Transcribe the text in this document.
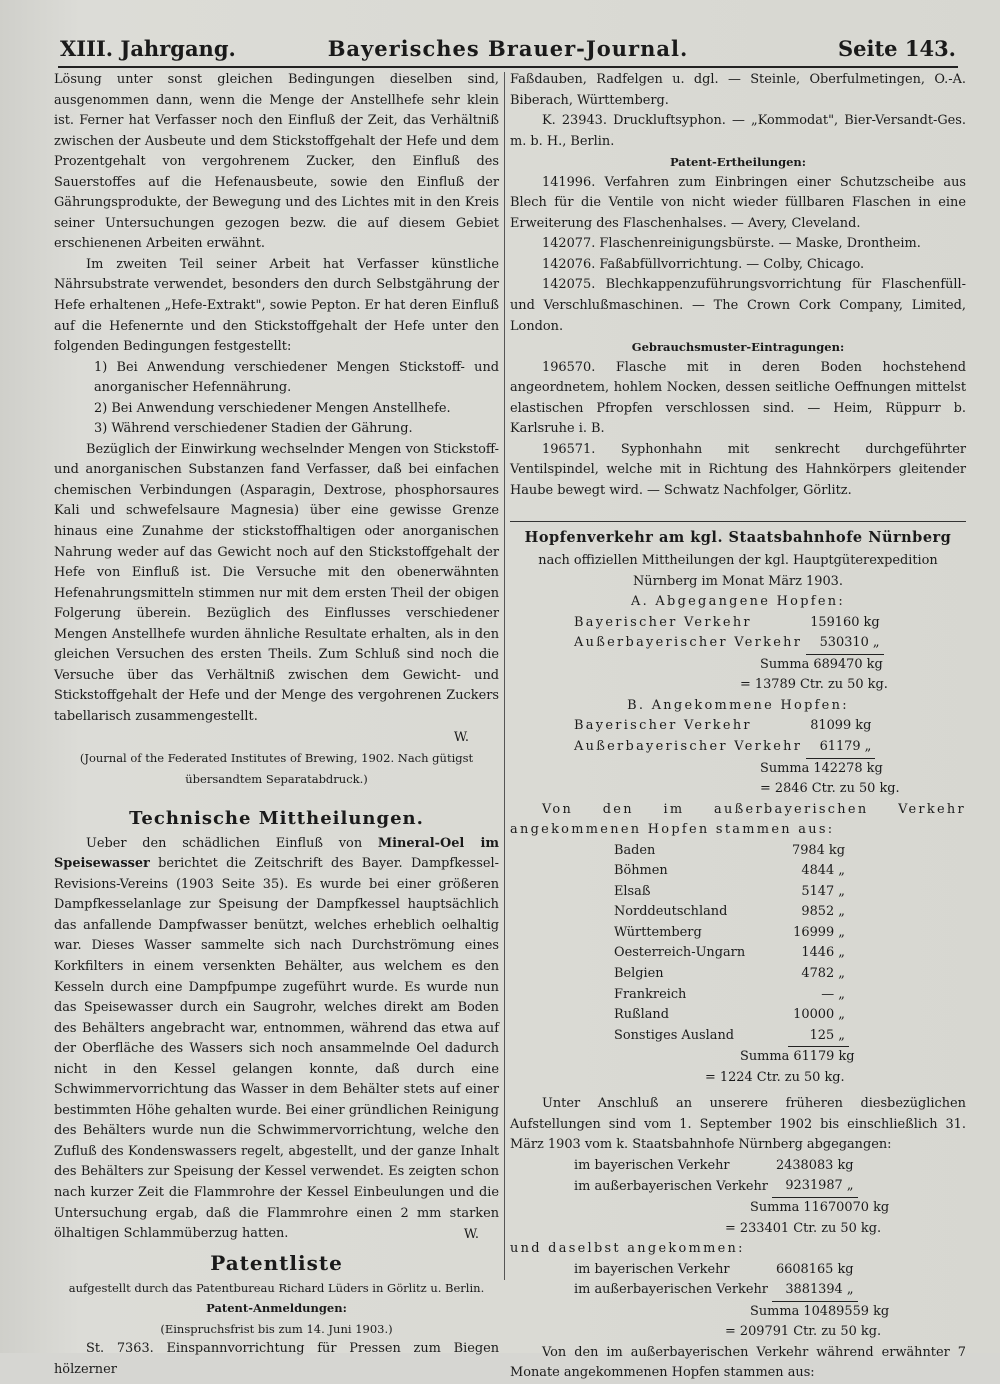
XIII. Jahrgang.	Bayerisches Brauer-Journal.	Seite 143.

Lösung unter sonst gleichen Bedingungen dieselben sind, ausgenommen dann, wenn die Menge der Anstellhefe sehr klein ist. Ferner hat Verfasser noch den Einfluß der Zeit, das Verhältniß zwischen der Ausbeute und dem Stickstoffgehalt der Hefe und dem Prozentgehalt von vergohrenem Zucker, den Einfluß des Sauerstoffes auf die Hefenausbeute, sowie den Einfluß der Gährungsprodukte, der Bewegung und des Lichtes mit in den Kreis seiner Untersuchungen gezogen bezw. die auf diesem Gebiet erschienenen Arbeiten erwähnt.

Im zweiten Teil seiner Arbeit hat Verfasser künstliche Nährsubstrate verwendet, besonders den durch Selbstgährung der Hefe erhaltenen „Hefe-Extrakt", sowie Pepton. Er hat deren Einfluß auf die Hefenernte und den Stickstoffgehalt der Hefe unter den folgenden Bedingungen festgestellt:

1) Bei Anwendung verschiedener Mengen Stickstoff- und anorganischer Hefennährung.

2) Bei Anwendung verschiedener Mengen Anstellhefe.

3) Während verschiedener Stadien der Gährung.

Bezüglich der Einwirkung wechselnder Mengen von Stickstoff- und anorganischen Substanzen fand Verfasser, daß bei einfachen chemischen Verbindungen (Asparagin, Dextrose, phosphorsaures Kali und schwefelsaure Magnesia) über eine gewisse Grenze hinaus eine Zunahme der stickstoffhaltigen oder anorganischen Nahrung weder auf das Gewicht noch auf den Stickstoffgehalt der Hefe von Einfluß ist. Die Versuche mit den obenerwähnten Hefenahrungsmitteln stimmen nur mit dem ersten Theil der obigen Folgerung überein. Bezüglich des Einflusses verschiedener Mengen Anstellhefe wurden ähnliche Resultate erhalten, als in den gleichen Versuchen des ersten Theils. Zum Schluß sind noch die Versuche über das Verhältniß zwischen dem Gewicht- und Stickstoffgehalt der Hefe und der Menge des vergohrenen Zuckers tabellarisch zusammengestellt.

W.

(Journal of the Federated Institutes of Brewing, 1902. Nach gütigst übersandtem Separatabdruck.)

Technische Mittheilungen.

Ueber den schädlichen Einfluß von Mineral-Oel im Speisewasser berichtet die Zeitschrift des Bayer. Dampfkessel-Revisions-Vereins (1903 Seite 35). Es wurde bei einer größeren Dampfkesselanlage zur Speisung der Dampfkessel hauptsächlich das anfallende Dampfwasser benützt, welches erheblich oelhaltig war. Dieses Wasser sammelte sich nach Durchströmung eines Korkfilters in einem versenkten Behälter, aus welchem es den Kesseln durch eine Dampfpumpe zugeführt wurde. Es wurde nun das Speisewasser durch ein Saugrohr, welches direkt am Boden des Behälters angebracht war, entnommen, während das etwa auf der Oberfläche des Wassers sich noch ansammelnde Oel dadurch nicht in den Kessel gelangen konnte, daß durch eine Schwimmervorrichtung das Wasser in dem Behälter stets auf einer bestimmten Höhe gehalten wurde. Bei einer gründlichen Reinigung des Behälters wurde nun die Schwimmervorrichtung, welche den Zufluß des Kondenswassers regelt, abgestellt, und der ganze Inhalt des Behälters zur Speisung der Kessel verwendet. Es zeigten schon nach kurzer Zeit die Flammrohre der Kessel Einbeulungen und die Untersuchung ergab, daß die Flammrohre einen 2 mm starken ölhaltigen Schlammüberzug hatten.	W.

Patentliste

aufgestellt durch das Patentbureau Richard Lüders in Görlitz u. Berlin.

Patent-Anmeldungen:

(Einspruchsfrist bis zum 14. Juni 1903.)

St. 7363. Einspannvorrichtung für Pressen zum Biegen hölzerner

Faßdauben, Radfelgen u. dgl. — Steinle, Oberfulmetingen, O.-A. Biberach, Württemberg.

K. 23943. Druckluftsyphon. — „Kommodat", Bier-Versandt-Ges. m. b. H., Berlin.

Patent-Ertheilungen:

141996. Verfahren zum Einbringen einer Schutzscheibe aus Blech für die Ventile von nicht wieder füllbaren Flaschen in eine Erweiterung des Flaschenhalses. — Avery, Cleveland.

142077. Flaschenreinigungsbürste. — Maske, Drontheim.

142076. Faßabfüllvorrichtung. — Colby, Chicago.

142075. Blechkappenzuführungsvorrichtung für Flaschenfüll- und Verschlußmaschinen. — The Crown Cork Company, Limited, London.

Gebrauchsmuster-Eintragungen:

196570. Flasche mit in deren Boden hochstehend angeordnetem, hohlem Nocken, dessen seitliche Oeffnungen mittelst elastischen Pfropfen verschlossen sind. — Heim, Rüppurr b. Karlsruhe i. B.

196571. Syphonhahn mit senkrecht durchgeführter Ventilspindel, welche mit in Richtung des Hahnkörpers gleitender Haube bewegt wird. — Schwatz Nachfolger, Görlitz.

Hopfenverkehr am kgl. Staatsbahnhofe Nürnberg

nach offiziellen Mittheilungen der kgl. Hauptgüterexpedition Nürnberg im Monat März 1903.

A. Abgegangene Hopfen:

Bayerischer Verkehr	159160 kg
Außerbayerischer Verkehr	530310 „

Summa 689470 kg

= 13789 Ctr. zu 50 kg.

B. Angekommene Hopfen:

Bayerischer Verkehr	81099 kg
Außerbayerischer Verkehr	61179 „

Summa 142278 kg

= 2846 Ctr. zu 50 kg.

Von den im außerbayerischen Verkehr angekommenen Hopfen stammen aus:

Baden	7984 kg
Böhmen	4844 „
Elsaß	5147 „
Norddeutschland	9852 „
Württemberg	16999 „
Oesterreich-Ungarn	1446 „
Belgien	4782 „
Frankreich	— „
Rußland	10000 „
Sonstiges Ausland	125 „

Summa 61179 kg

= 1224 Ctr. zu 50 kg.

Unter Anschluß an unserere früheren diesbezüglichen Aufstellungen sind vom 1. September 1902 bis einschließlich 31. März 1903 vom k. Staatsbahnhofe Nürnberg abgegangen:

im bayerischen Verkehr	2438083 kg
im außerbayerischen Verkehr	9231987 „

Summa 11670070 kg

= 233401 Ctr. zu 50 kg.

und daselbst angekommen:

im bayerischen Verkehr	6608165 kg
im außerbayerischen Verkehr	3881394 „

Summa 10489559 kg

= 209791 Ctr. zu 50 kg.

Von den im außerbayerischen Verkehr während erwähnter 7 Monate angekommenen Hopfen stammen aus:
